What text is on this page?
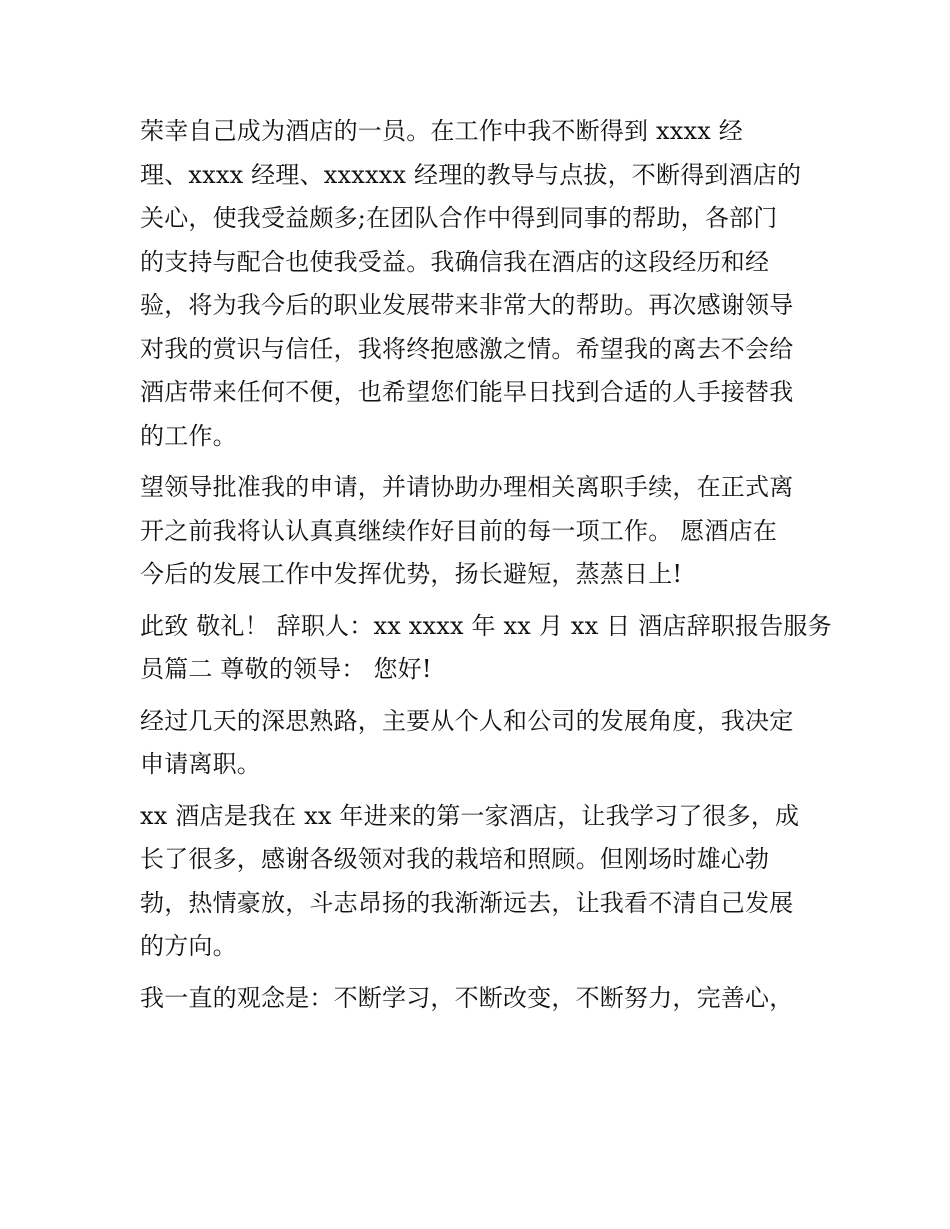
荣幸自己成为酒店的一员。在工作中我不断得到 xxxx 经
理、xxxx 经理、xxxxxx 经理的教导与点拔，不断得到酒店的
关心，使我受益颇多;在团队合作中得到同事的帮助，各部门
的支持与配合也使我受益。我确信我在酒店的这段经历和经
验，将为我今后的职业发展带来非常大的帮助。再次感谢领导
对我的赏识与信任，我将终抱感激之情。希望我的离去不会给
酒店带来任何不便，也希望您们能早日找到合适的人手接替我
的工作。
望领导批准我的申请，并请协助办理相关离职手续，在正式离
开之前我将认认真真继续作好目前的每一项工作。 愿酒店在
今后的发展工作中发挥优势，扬长避短，蒸蒸日上!
此致 敬礼！ 辞职人：xx xxxx 年 xx 月 xx 日 酒店辞职报告服务
员篇二 尊敬的领导： 您好!
经过几天的深思熟路，主要从个人和公司的发展角度，我决定
申请离职。
xx 酒店是我在 xx 年进来的第一家酒店，让我学习了很多，成
长了很多，感谢各级领对我的栽培和照顾。但刚场时雄心勃
勃，热情豪放，斗志昂扬的我渐渐远去，让我看不清自己发展
的方向。
我一直的观念是：不断学习，不断改变，不断努力，完善心，
